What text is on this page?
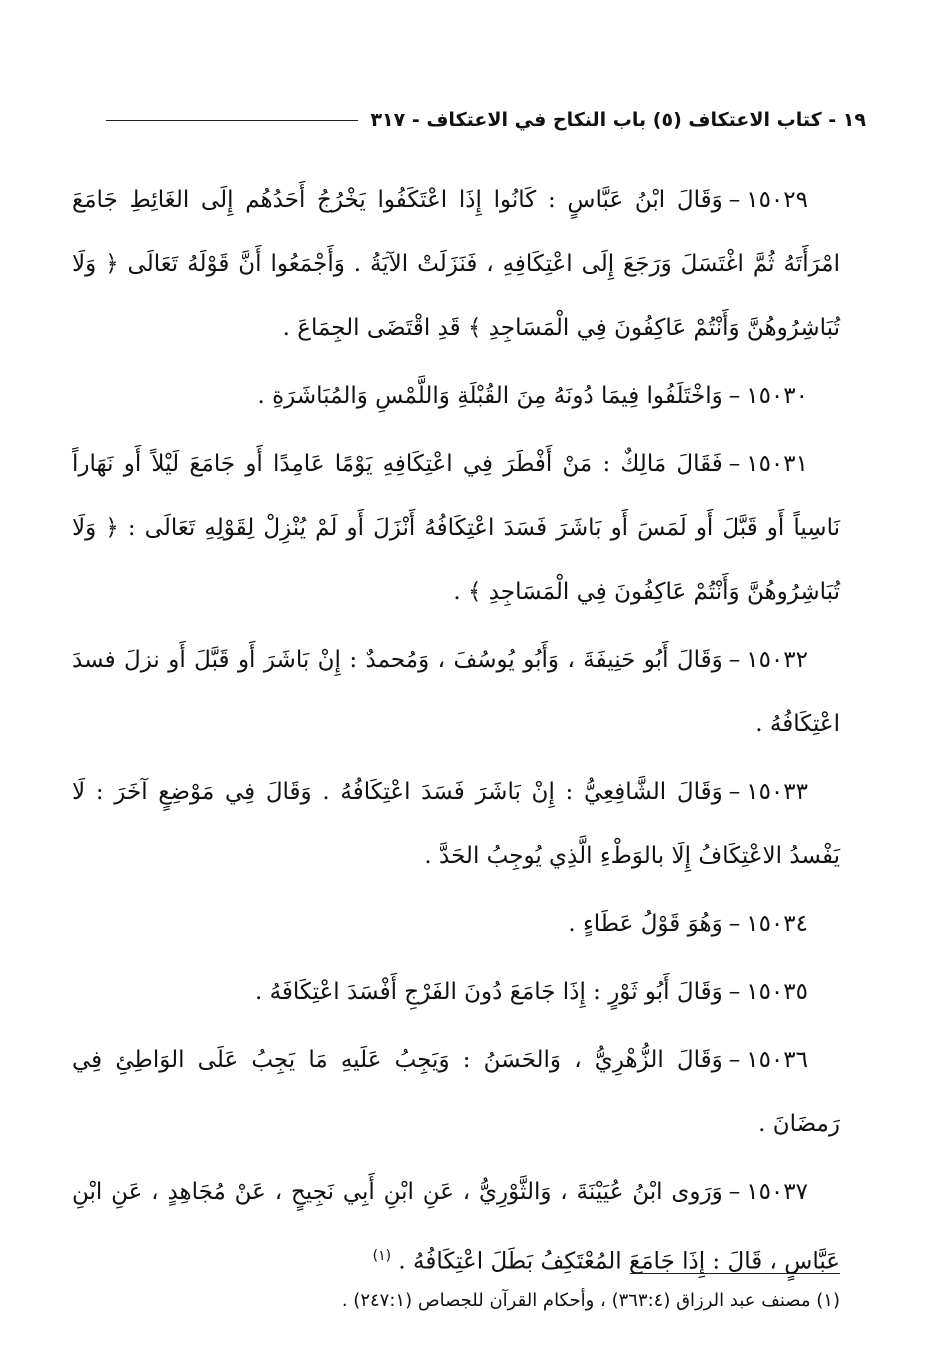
١٩ - كتاب الاعتكاف (٥) باب النكاح في الاعتكاف - ٣١٧

١٥٠٢٩–وَقَالَ ابْنُ عَبَّاسٍ : كَانُوا إِذَا اعْتَكَفُوا يَخْرُجُ أَحَدُهُم إِلَى الغَائِطِ جَامَعَ امْرَأَتَهُ ثُمَّ اغْتَسَلَ وَرَجَعَ إِلَى اعْتِكَافِهِ ، فَنَزَلَتْ الآيَةُ . وَأَجْمَعُوا أَنَّ قَوْلَهُ تَعَالَى ﴿ وَلَا تُبَاشِرُوهُنَّ وَأَنْتُمْ عَاكِفُونَ فِي الْمَسَاجِدِ ﴾ قَدِ اقْتَضَى الجِمَاعَ .

١٥٠٣٠–وَاخْتَلَفُوا فِيمَا دُونَهُ مِنَ القُبْلَةِ وَاللَّمْسِ وَالمُبَاشَرَةِ .

١٥٠٣١–فَقَالَ مَالِكٌ : مَنْ أَفْطَرَ فِي اعْتِكَافِهِ يَوْمًا عَامِدًا أَو جَامَعَ لَيْلاً أَو نَهَاراً نَاسِياً أَو قَبَّلَ أَو لَمَسَ أَو بَاشَرَ فَسَدَ اعْتِكَافُهُ أَنْزَلَ أَو لَمْ يُنْزِلْ لِقَوْلِهِ تَعَالَى : ﴿ وَلَا تُبَاشِرُوهُنَّ وَأَنْتُمْ عَاكِفُونَ فِي الْمَسَاجِدِ ﴾ .

١٥٠٣٢–وَقَالَ أَبُو حَنِيفَةَ ، وَأَبُو يُوسُفَ ، وَمُحمدٌ : إِنْ بَاشَرَ أَو قَبَّلَ أَو نزلَ فسدَ اعْتِكَافُهُ .

١٥٠٣٣–وَقَالَ الشَّافِعِيُّ : إِنْ بَاشَرَ فَسَدَ اعْتِكَافُهُ . وَقَالَ فِي مَوْضِعٍ آخَرَ : لَا يَفْسدُ الاعْتِكَافُ إِلَا بالوَطْءِ الَّذِي يُوجِبُ الحَدَّ .

١٥٠٣٤–وَهُوَ قَوْلُ عَطَاءٍ .

١٥٠٣٥–وَقَالَ أَبُو ثَوْرٍ : إِذَا جَامَعَ دُونَ الفَرْجِ أَفْسَدَ اعْتِكَافَهُ .

١٥٠٣٦–وَقَالَ الزُّهْرِيُّ ، وَالحَسَنُ : وَيَجِبُ عَلَيهِ مَا يَجِبُ عَلَى الوَاطِئِ فِي رَمضَانَ .

١٥٠٣٧–وَرَوى ابْنُ عُيَيْنَةَ ، وَالثَّوْرِيُّ ، عَنِ ابْنِ أَبِي نَجِيحٍ ، عَنْ مُجَاهِدٍ ، عَنِ ابْنِ عَبَّاسٍ ، قَالَ : إِذَا جَامَعَ المُعْتَكِفُ بَطَلَ اعْتِكَافُهُ . $^{(١)}$

(١) مصنف عبد الرزاق (٣٦٣:٤) ، وأحكام القرآن للجصاص (٢٤٧:١) .
